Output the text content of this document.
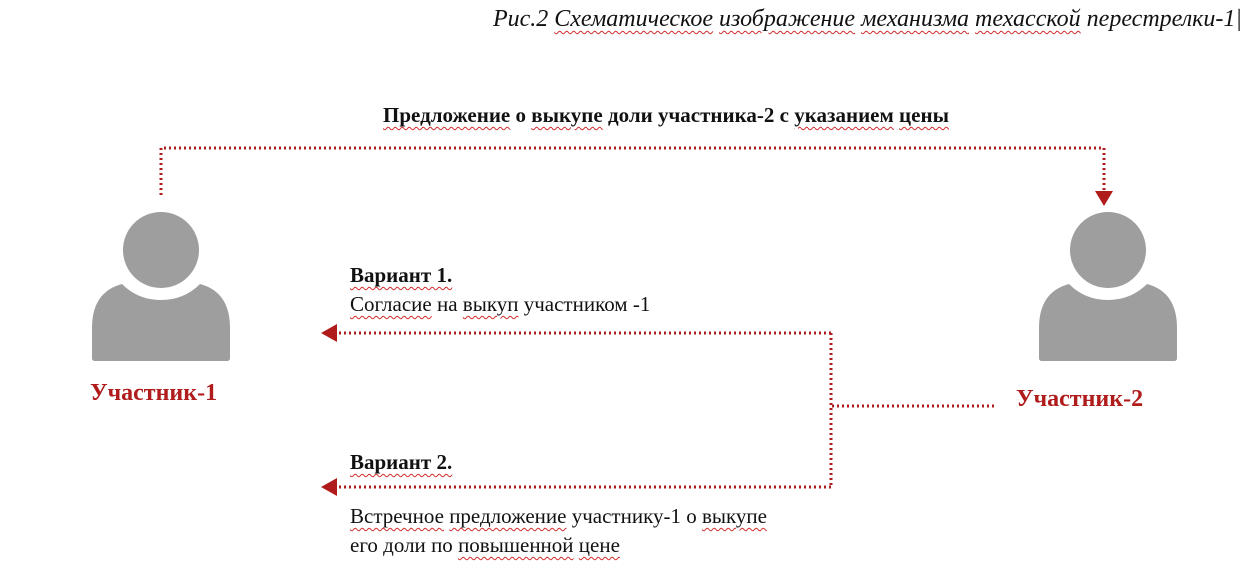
Рис.2 Схематическое изображение механизма техасской перестрелки-1|
Предложение о выкупе доли участника-2 с указанием цены
Участник-1	Участник-2
Вариант 1.
Согласие на выкуп участником -1
Вариант 2.
Встречное предложение участнику-1 о выкупе
его доли по повышенной цене
